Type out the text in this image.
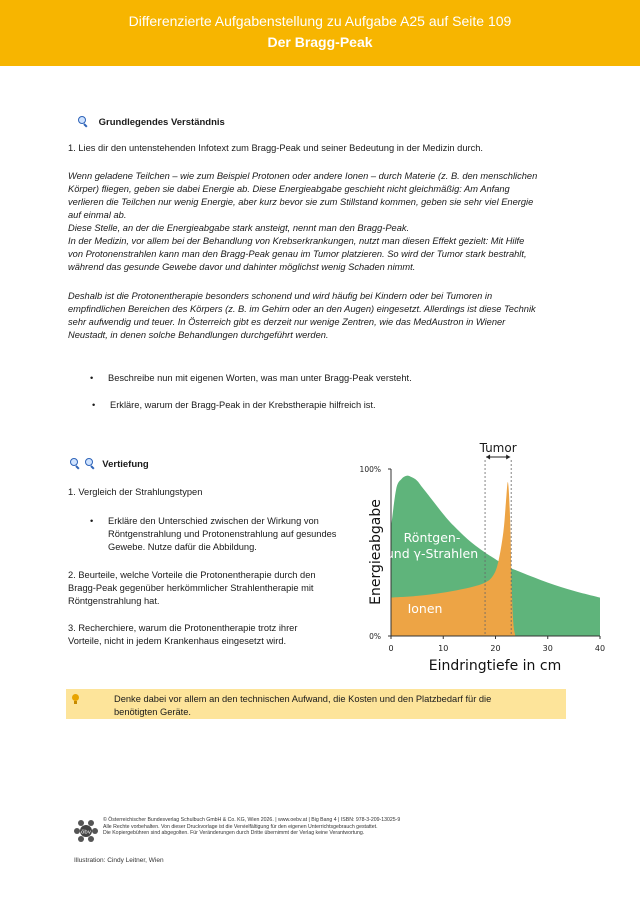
Differenzierte Aufgabenstellung zu Aufgabe A25 auf Seite 109
Der Bragg-Peak
Grundlegendes Verständnis
1. Lies dir den untenstehenden Infotext zum Bragg-Peak und seiner Bedeutung in der Medizin durch.
Wenn geladene Teilchen – wie zum Beispiel Protonen oder andere Ionen – durch Materie (z. B. den menschlichen
Körper) fliegen, geben sie dabei Energie ab. Diese Energieabgabe geschieht nicht gleichmäßig: Am Anfang
verlieren die Teilchen nur wenig Energie, aber kurz bevor sie zum Stillstand kommen, geben sie sehr viel Energie
auf einmal ab.
Diese Stelle, an der die Energieabgabe stark ansteigt, nennt man den Bragg-Peak.
In der Medizin, vor allem bei der Behandlung von Krebserkrankungen, nutzt man diesen Effekt gezielt: Mit Hilfe
von Protonenstrahlen kann man den Bragg-Peak genau im Tumor platzieren. So wird der Tumor stark bestrahlt,
während das gesunde Gewebe davor und dahinter möglichst wenig Schaden nimmt.
Deshalb ist die Protonentherapie besonders schonend und wird häufig bei Kindern oder bei Tumoren in
empfindlichen Bereichen des Körpers (z. B. im Gehirn oder an den Augen) eingesetzt. Allerdings ist diese Technik
sehr aufwendig und teuer. In Österreich gibt es derzeit nur wenige Zentren, wie das MedAustron in Wiener
Neustadt, in denen solche Behandlungen durchgeführt werden.
• Beschreibe nun mit eigenen Worten, was man unter Bragg-Peak versteht.
• Erkläre, warum der Bragg-Peak in der Krebstherapie hilfreich ist.
Vertiefung
1. Vergleich der Strahlungstypen
• Erkläre den Unterschied zwischen der Wirkung von
Röntgenstrahlung und Protonenstrahlung auf gesundes
Gewebe. Nutze dafür die Abbildung.
2. Beurteile, welche Vorteile die Protonentherapie durch den
Bragg-Peak gegenüber herkömmlicher Strahlentherapie mit
Röntgenstrahlung hat.
3. Recherchiere, warum die Protonentherapie trotz ihrer
Vorteile, nicht in jedem Krankenhaus eingesetzt wird.
Tumor
0%
100%
0	10	20	30	40
Eindringtiefe in cm
Energieabgabe Röntgen-
und γ-Strahlen
Ionen
Denke dabei vor allem an den technischen Aufwand, die Kosten und den Platzbedarf für die
benötigten Geräte.
öbv
© Österreichischer Bundesverlag Schulbuch GmbH & Co. KG, Wien 2026. | www.oebv.at | Big Bang 4 | ISBN: 978-3-209-13025-9
Alle Rechte vorbehalten. Von dieser Druckvorlage ist die Vervielfältigung für den eigenen Unterrichtsgebrauch gestattet.
Die Kopiergebühren sind abgegolten. Für Veränderungen durch Dritte übernimmt der Verlag keine Verantwortung.
Illustration: Cindy Leitner, Wien
